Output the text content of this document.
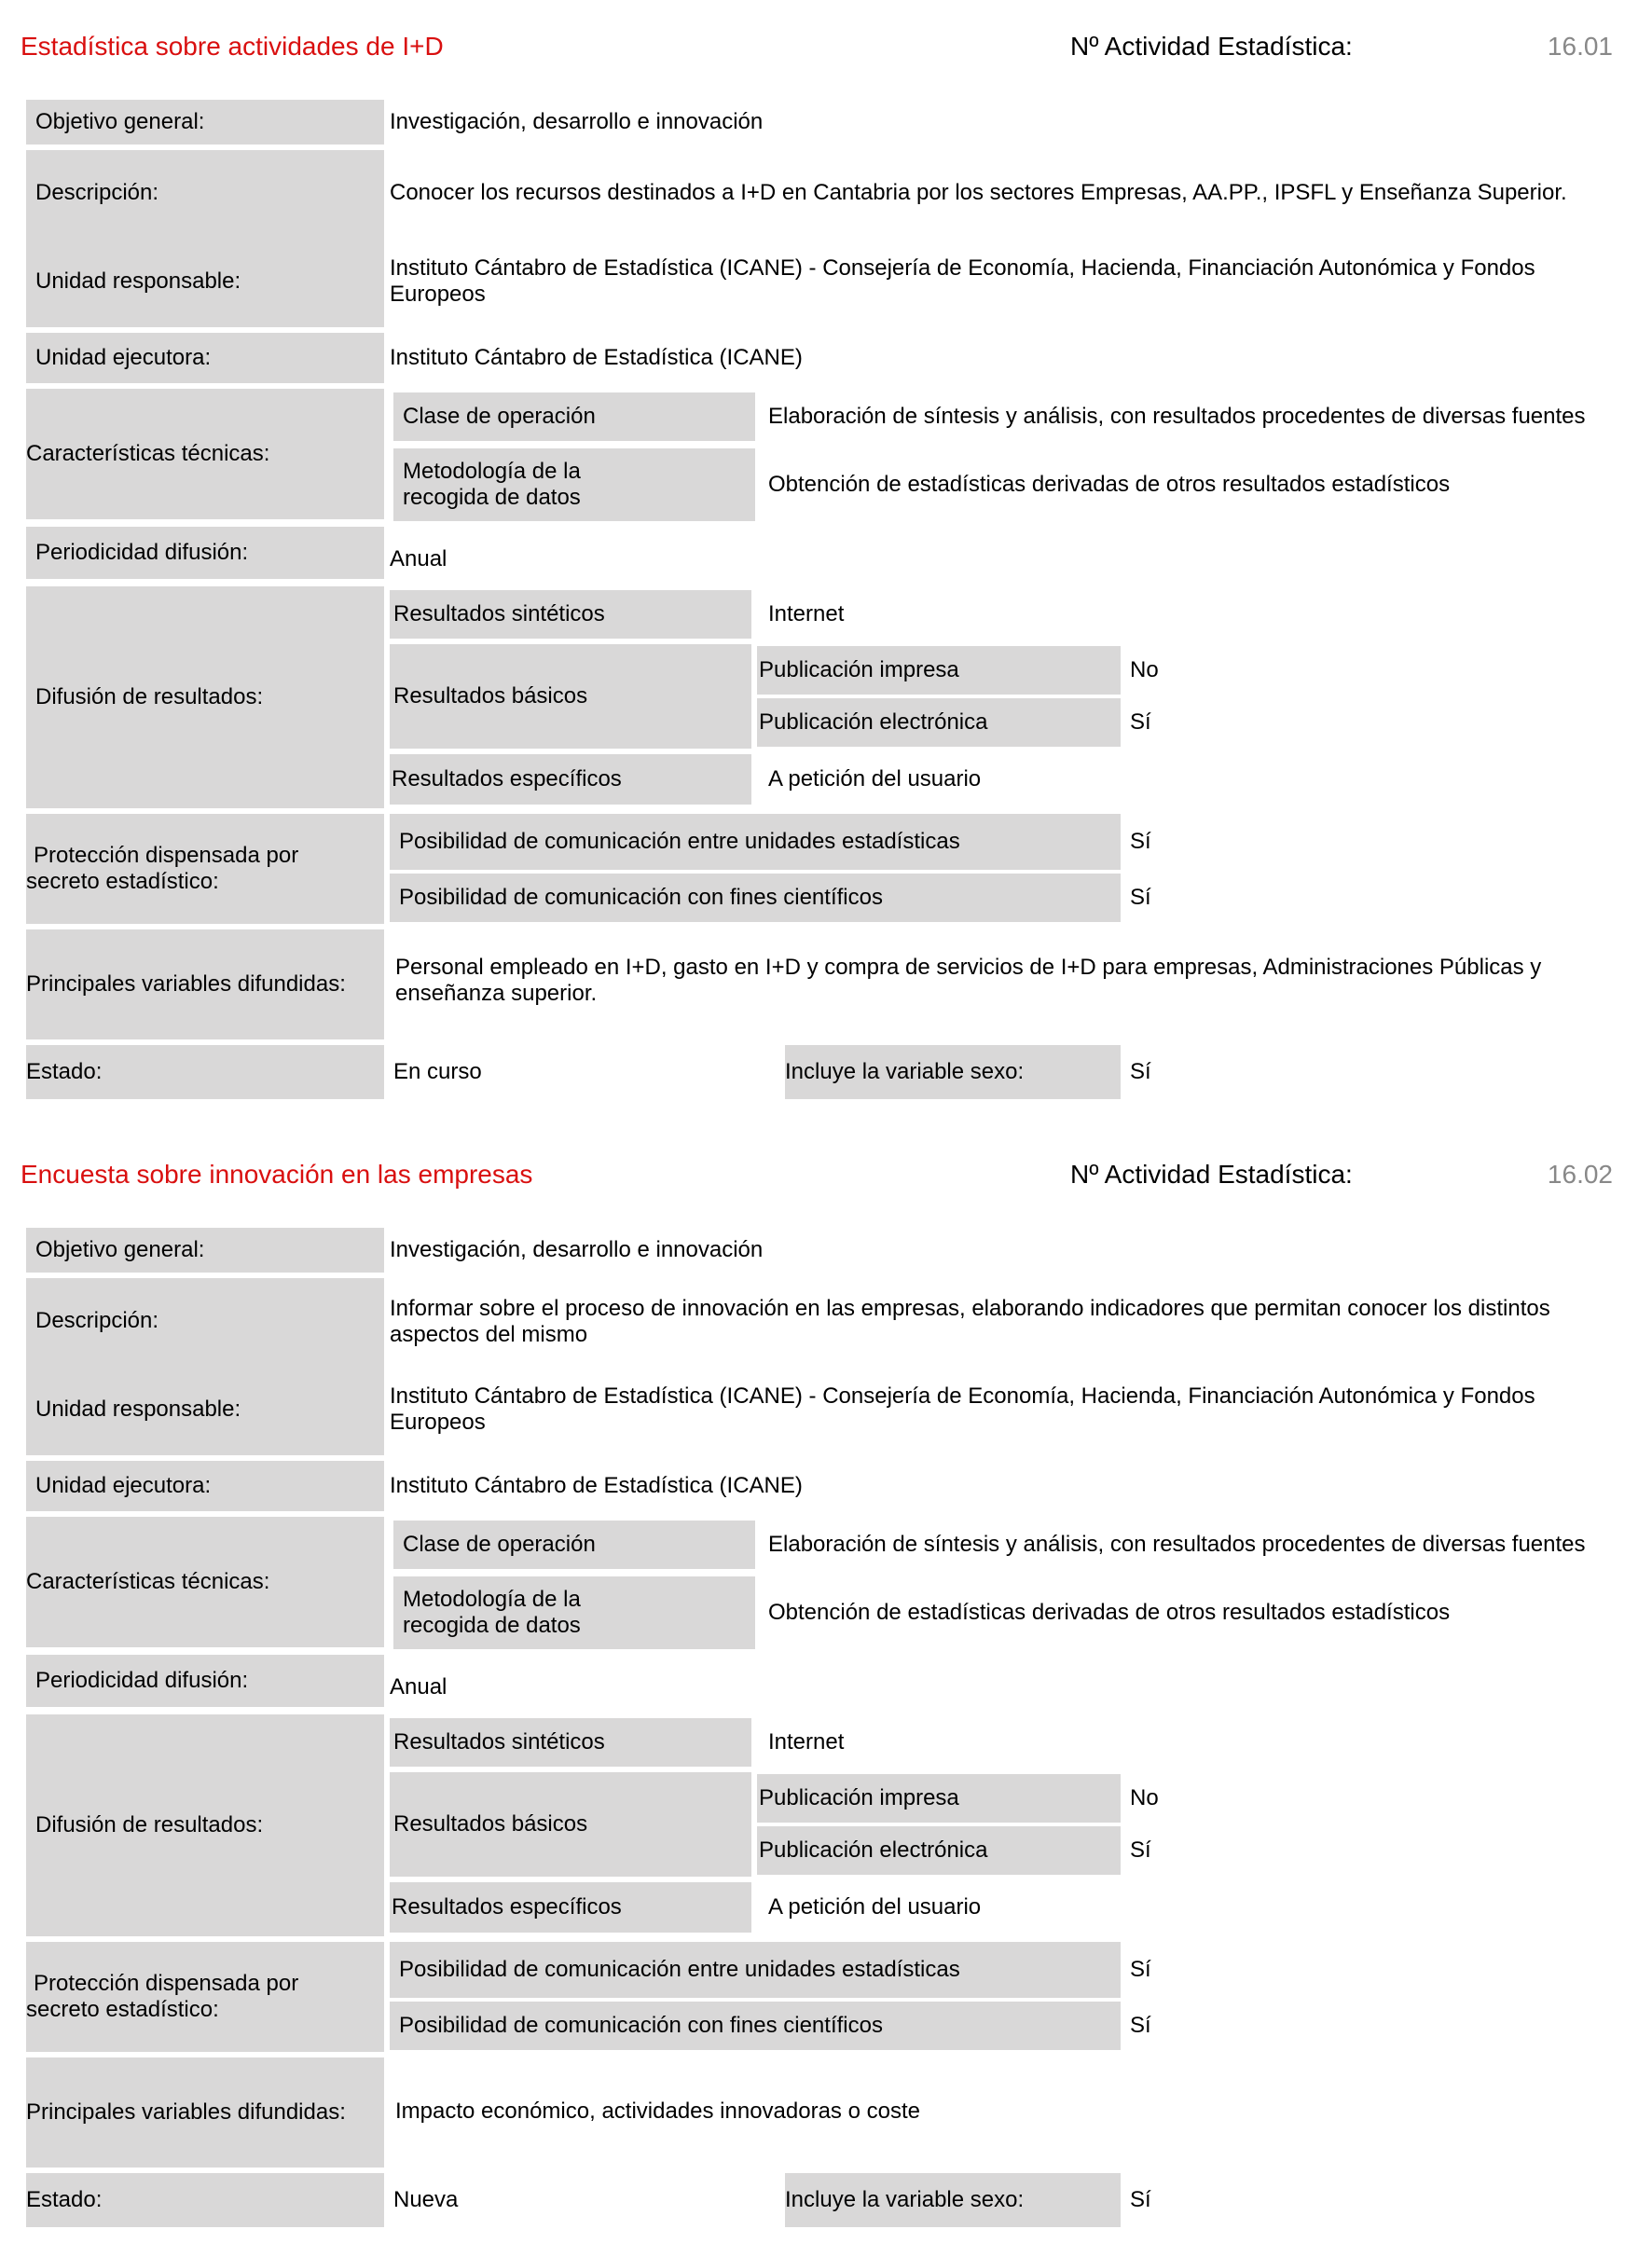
Estadística sobre actividades de I+D	Nº Actividad Estadística:	16.01
Objetivo general:	Investigación, desarrollo e innovación
Descripción:	Conocer los recursos destinados a I+D en Cantabria por los sectores Empresas, AA.PP., IPSFL y Enseñanza Superior.
Unidad responsable:
Instituto Cántabro de Estadística (ICANE) - Consejería de Economía, Hacienda, Financiación Autonómica y Fondos Europeos
Unidad ejecutora:	Instituto Cántabro de Estadística (ICANE)
Características técnicas:
Clase de operación	Elaboración de síntesis y análisis, con resultados procedentes de diversas fuentes
Metodología de la
recogida de datos
Obtención de estadísticas derivadas de otros resultados estadísticos
Periodicidad difusión:	Anual
Difusión de resultados:
Resultados sintéticos	Internet
Resultados básicos
Publicación impresa	No
Publicación electrónica	Sí
Resultados específicos	A petición del usuario
Protección dispensada por
secreto estadístico:
Posibilidad de comunicación entre unidades estadísticas	Sí
Posibilidad de comunicación con fines científicos	Sí
Principales variables difundidas:
Personal empleado en I+D, gasto en I+D y compra de servicios de I+D para empresas, Administraciones Públicas y enseñanza superior.
Estado:	En curso	Incluye la variable sexo:	Sí
Encuesta sobre innovación en las empresas	Nº Actividad Estadística:	16.02
Objetivo general:	Investigación, desarrollo e innovación
Descripción:	Informar sobre el proceso de innovación en las empresas, elaborando indicadores que permitan conocer los distintos aspectos del mismo
Unidad responsable:
Instituto Cántabro de Estadística (ICANE) - Consejería de Economía, Hacienda, Financiación Autonómica y Fondos Europeos
Unidad ejecutora:	Instituto Cántabro de Estadística (ICANE)
Características técnicas:
Clase de operación	Elaboración de síntesis y análisis, con resultados procedentes de diversas fuentes
Metodología de la
recogida de datos
Obtención de estadísticas derivadas de otros resultados estadísticos
Periodicidad difusión:	Anual
Difusión de resultados:
Resultados sintéticos	Internet
Resultados básicos
Publicación impresa	No
Publicación electrónica	Sí
Resultados específicos	A petición del usuario
Protección dispensada por
secreto estadístico:
Posibilidad de comunicación entre unidades estadísticas	Sí
Posibilidad de comunicación con fines científicos	Sí
Principales variables difundidas:	Impacto económico, actividades innovadoras o coste
Estado:	Nueva	Incluye la variable sexo:	Sí
